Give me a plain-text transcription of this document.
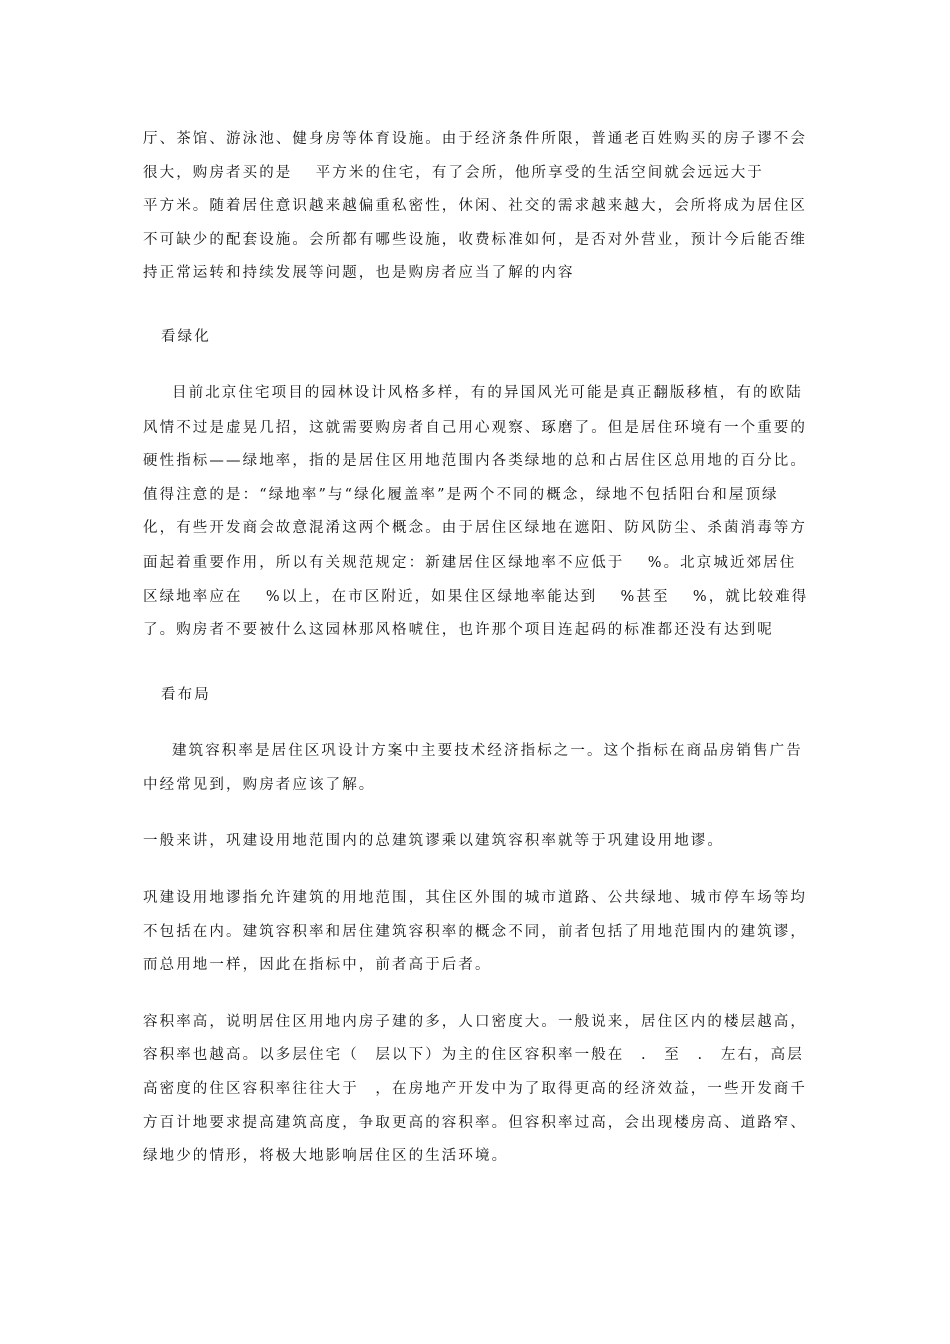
厅、茶馆、游泳池、健身房等体育设施。由于经济条件所限，普通老百姓购买的房子谬不会
很大，购房者买的是　 平方米的住宅，有了会所，他所享受的生活空间就会远远大于
平方米。随着居住意识越来越偏重私密性，休闲、社交的需求越来越大，会所将成为居住区
不可缺少的配套设施。会所都有哪些设施，收费标准如何，是否对外营业，预计今后能否维
持正常运转和持续发展等问题，也是购房者应当了解的内容
看绿化
目前北京住宅项目的园林设计风格多样，有的异国风光可能是真正翻版移植，有的欧陆
风情不过是虚晃几招，这就需要购房者自己用心观察、琢磨了。但是居住环境有一个重要的
硬性指标——绿地率，指的是居住区用地范围内各类绿地的总和占居住区总用地的百分比。
值得注意的是：“绿地率”与“绿化履盖率”是两个不同的概念，绿地不包括阳台和屋顶绿
化，有些开发商会故意混淆这两个概念。由于居住区绿地在遮阳、防风防尘、杀菌消毒等方
面起着重要作用，所以有关规范规定：新建居住区绿地率不应低于　 %。北京城近郊居住
区绿地率应在　 %以上，在市区附近，如果住区绿地率能达到　 %甚至　 %，就比较难得
了。购房者不要被什么这园林那风格唬住，也许那个项目连起码的标准都还没有达到呢
看布局
建筑容积率是居住区巩设计方案中主要技术经济指标之一。这个指标在商品房销售广告
中经常见到，购房者应该了解。
一般来讲，巩建设用地范围内的总建筑谬乘以建筑容积率就等于巩建设用地谬。
巩建设用地谬指允许建筑的用地范围，其住区外围的城市道路、公共绿地、城市停车场等均
不包括在内。建筑容积率和居住建筑容积率的概念不同，前者包括了用地范围内的建筑谬，
而总用地一样，因此在指标中，前者高于后者。
容积率高，说明居住区用地内房子建的多，人口密度大。一般说来，居住区内的楼层越高，
容积率也越高。以多层住宅（　层以下）为主的住区容积率一般在　.　至　.　左右，高层
高密度的住区容积率往往大于　，在房地产开发中为了取得更高的经济效益，一些开发商千
方百计地要求提高建筑高度，争取更高的容积率。但容积率过高，会出现楼房高、道路窄、
绿地少的情形，将极大地影响居住区的生活环境。
